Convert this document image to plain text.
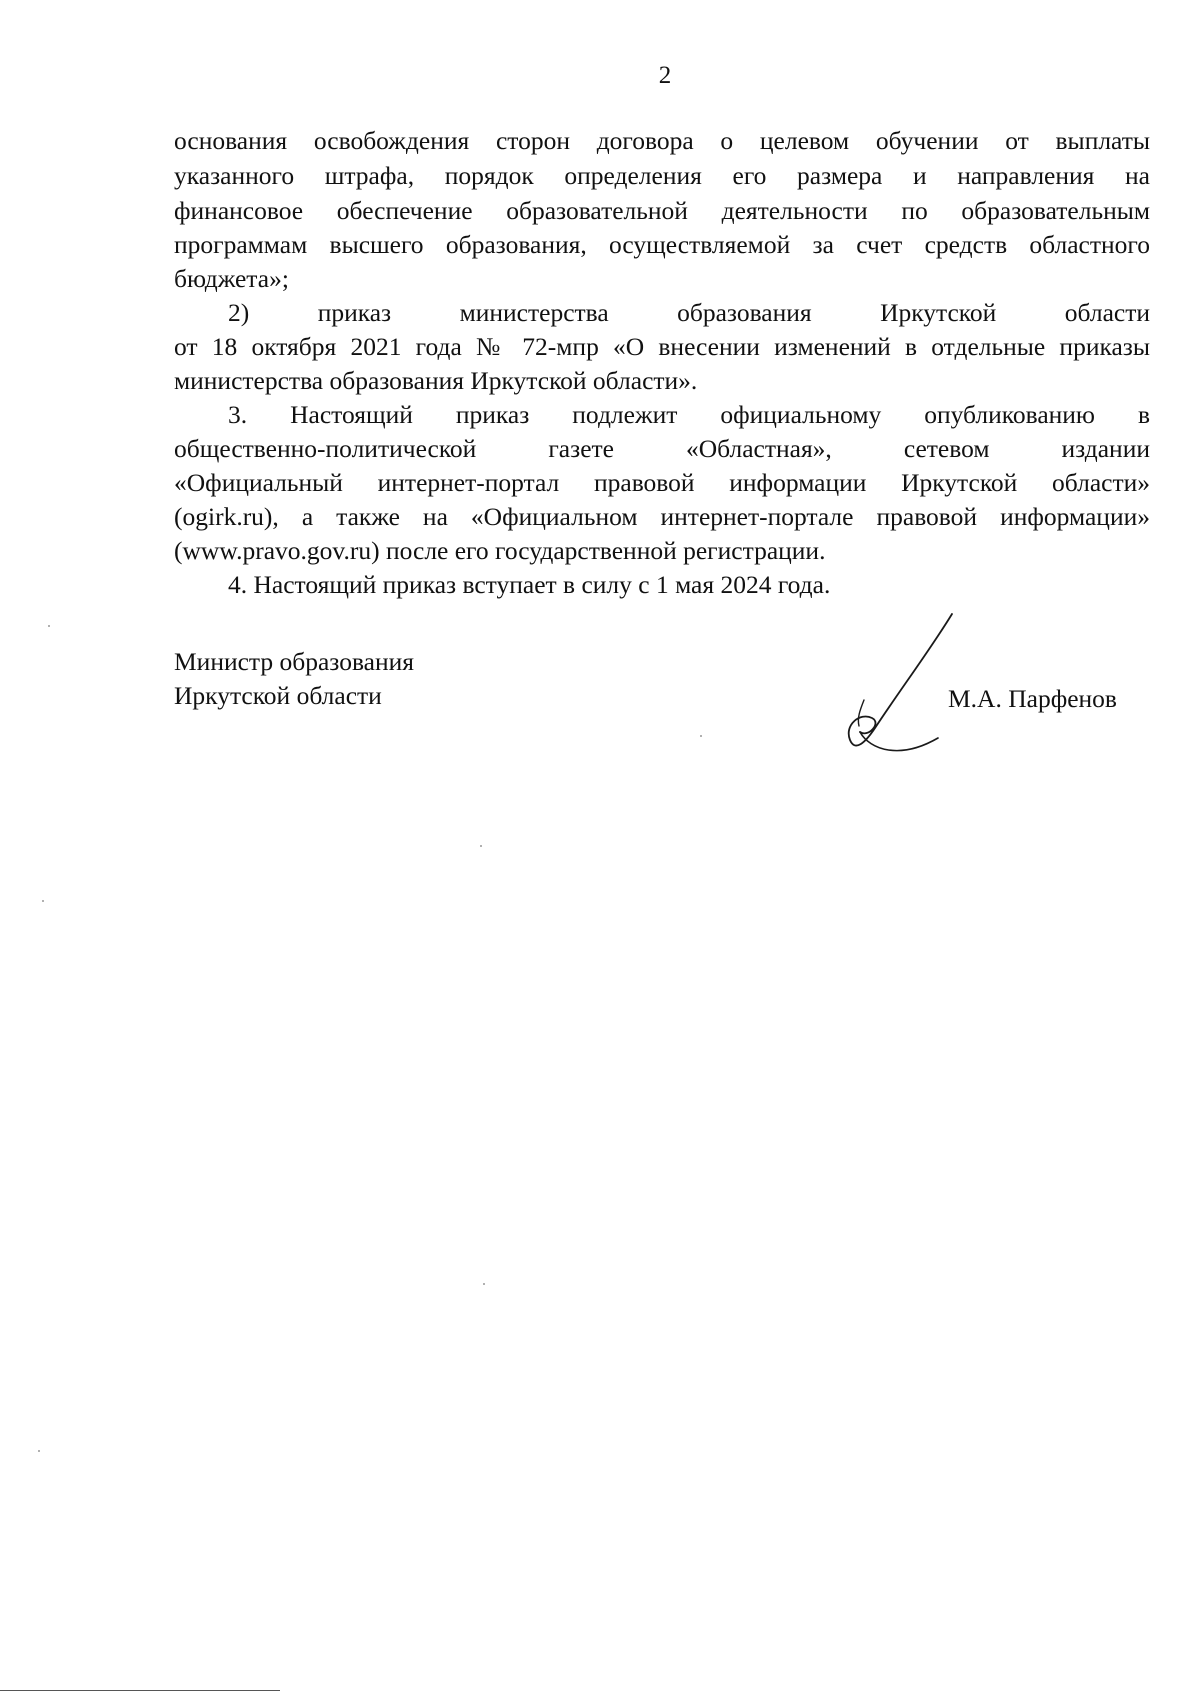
2
основания освобождения сторон договора о целевом обучении от выплаты
указанного штрафа, порядок определения его размера и направления на
финансовое обеспечение образовательной деятельности по образовательным
программам высшего образования, осуществляемой за счет средств областного
бюджета»;
2) приказ министерства образования Иркутской области
от 18 октября 2021 года № 72-мпр «О внесении изменений в отдельные приказы
министерства образования Иркутской области».
3. Настоящий приказ подлежит официальному опубликованию в
общественно-политической газете «Областная», сетевом издании
«Официальный интернет-портал правовой информации Иркутской области»
(ogirk.ru), а также на «Официальном интернет-портале правовой информации»
(www.pravo.gov.ru) после его государственной регистрации.
4. Настоящий приказ вступает в силу с 1 мая 2024 года.
Министр образования
Иркутской области	М.А. Парфенов
